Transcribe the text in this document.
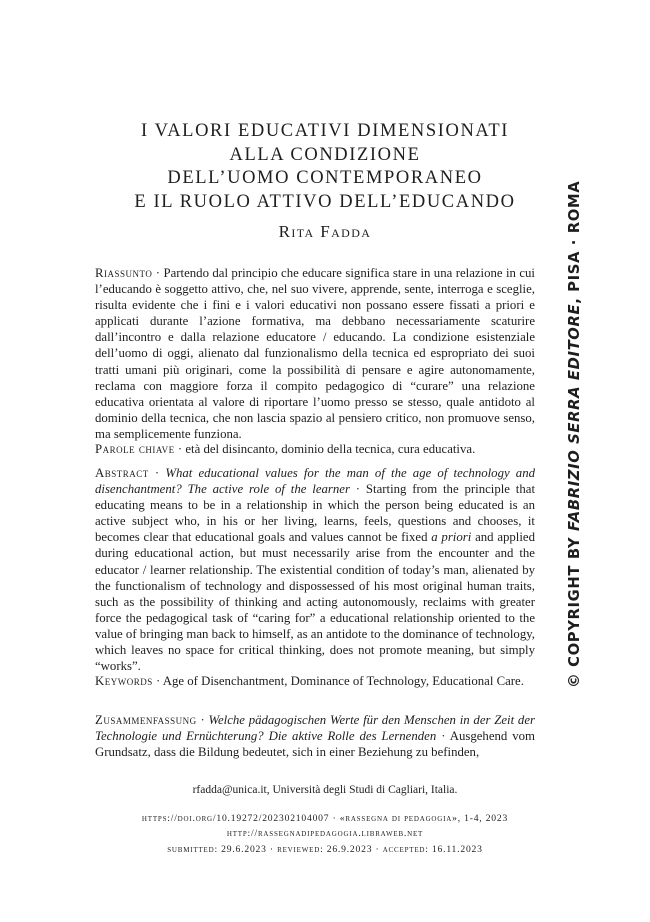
I VALORI EDUCATIVI DIMENSIONATI
ALLA CONDIZIONE
DELL’UOMO CONTEMPORANEO
E IL RUOLO ATTIVO DELL’EDUCANDO
Rita Fadda

Riassunto · Partendo dal principio che educare significa stare in una relazione in cui l’educando è soggetto attivo, che, nel suo vivere, apprende, sente, interroga e sceglie, risulta evidente che i fini e i valori educativi non possano essere fissati a priori e applicati durante l’azione formativa, ma debbano necessariamente scaturire dall’incontro e dalla relazione educatore / educando. La condizione esistenziale dell’uomo di oggi, alienato dal funzionalismo della tecnica ed espropriato dei suoi tratti umani più originari, come la possibilità di pensare e agire autonomamente, reclama con maggiore forza il compito pedagogico di “curare” una relazione educativa orientata al valore di riportare l’uomo presso se stesso, quale antidoto al dominio della tecnica, che non lascia spazio al pensiero critico, non promuove senso, ma semplicemente funziona.

Parole chiave · età del disincanto, dominio della tecnica, cura educativa.

Abstract · What educational values for the man of the age of technology and disenchantment? The active role of the learner · Starting from the principle that educating means to be in a relationship in which the person being educated is an active subject who, in his or her living, learns, feels, questions and chooses, it becomes clear that educational goals and values cannot be fixed a priori and applied during educational action, but must necessarily arise from the encounter and the educator / learner relationship. The existential condition of today’s man, alienated by the functionalism of technology and dispossessed of his most original human traits, such as the possibility of thinking and acting autonomously, reclaims with greater force the pedagogical task of “caring for” a educational relationship oriented to the value of bringing man back to himself, as an antidote to the dominance of technology, which leaves no space for critical thinking, does not promote meaning, but simply “works”.

Keywords · Age of Disenchantment, Dominance of Technology, Educational Care.

Zusammenfassung · Welche pädagogischen Werte für den Menschen in der Zeit der Technologie und Ernüchterung? Die aktive Rolle des Lernenden · Ausgehend vom Grundsatz, dass die Bildung bedeutet, sich in einer Beziehung zu befinden,

rfadda@unica.it, Università degli Studi di Cagliari, Italia.
https://doi.org/10.19272/202302104007 · «rassegna di pedagogia», 1-4, 2023
http://rassegnadipedagogia.libraweb.net
submitted: 29.6.2023 · reviewed: 26.9.2023 · accepted: 16.11.2023
© COPYRIGHT BY FABRIZIO SERRA EDITORE, PISA · ROMA
